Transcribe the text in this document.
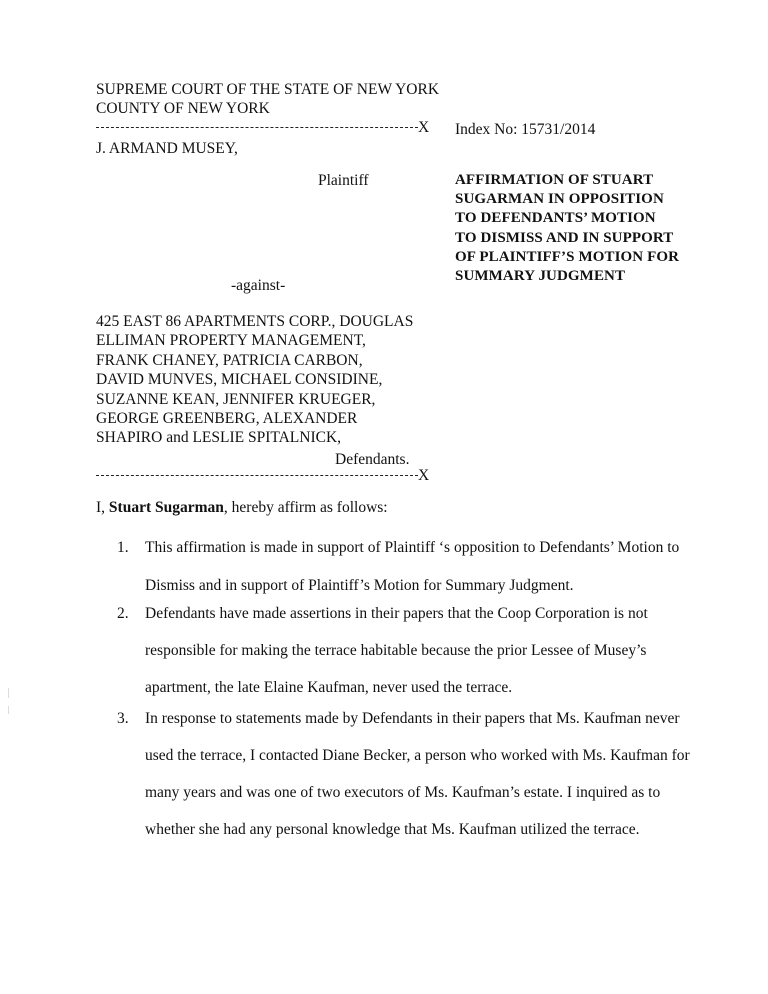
SUPREME COURT OF THE STATE OF NEW YORK
COUNTY OF NEW YORK
X Index No: 15731/2014
J. ARMAND MUSEY,
Plaintiff	AFFIRMATION OF STUART
SUGARMAN IN OPPOSITION
TO DEFENDANTS’ MOTION
TO DISMISS AND IN SUPPORT
OF PLAINTIFF’S MOTION FOR
SUMMARY JUDGMENT
-against-
425 EAST 86 APARTMENTS CORP., DOUGLAS
ELLIMAN PROPERTY MANAGEMENT,
FRANK CHANEY, PATRICIA CARBON,
DAVID MUNVES, MICHAEL CONSIDINE,
SUZANNE KEAN, JENNIFER KRUEGER,
GEORGE GREENBERG, ALEXANDER
SHAPIRO and LESLIE SPITALNICK,
Defendants.
X
I, Stuart Sugarman, hereby affirm as follows:
1.	This affirmation is made in support of Plaintiff ‘s opposition to Defendants’ Motion to
Dismiss and in support of Plaintiff’s Motion for Summary Judgment.
2.	Defendants have made assertions in their papers that the Coop Corporation is not
responsible for making the terrace habitable because the prior Lessee of Musey’s
apartment, the late Elaine Kaufman, never used the terrace.
3.	In response to statements made by Defendants in their papers that Ms. Kaufman never
used the terrace, I contacted Diane Becker, a person who worked with Ms. Kaufman for
many years and was one of two executors of Ms. Kaufman’s estate. I inquired as to
whether she had any personal knowledge that Ms. Kaufman utilized the terrace.
